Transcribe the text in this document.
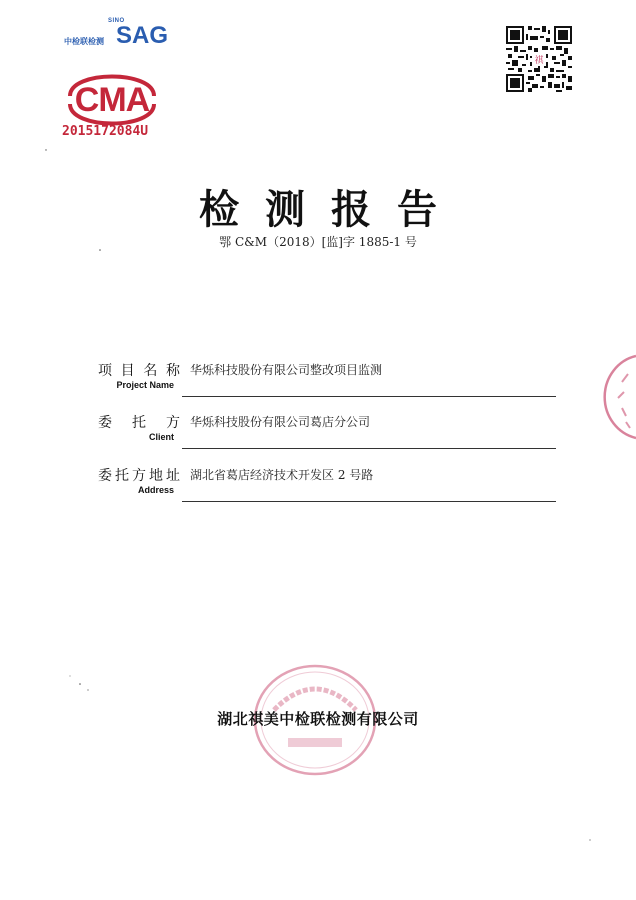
SINO
中检联检测 SAG
CMA
2015172084U
祺
检测报告
鄂 C&M（2018）[监]字 1885-1 号
项目名称
Project Name
华烁科技股份有限公司整改项目监测
委托方
Client
华烁科技股份有限公司葛店分公司
委托方地址
Address
湖北省葛店经济技术开发区 2 号路
湖北祺美中检联检测有限公司
